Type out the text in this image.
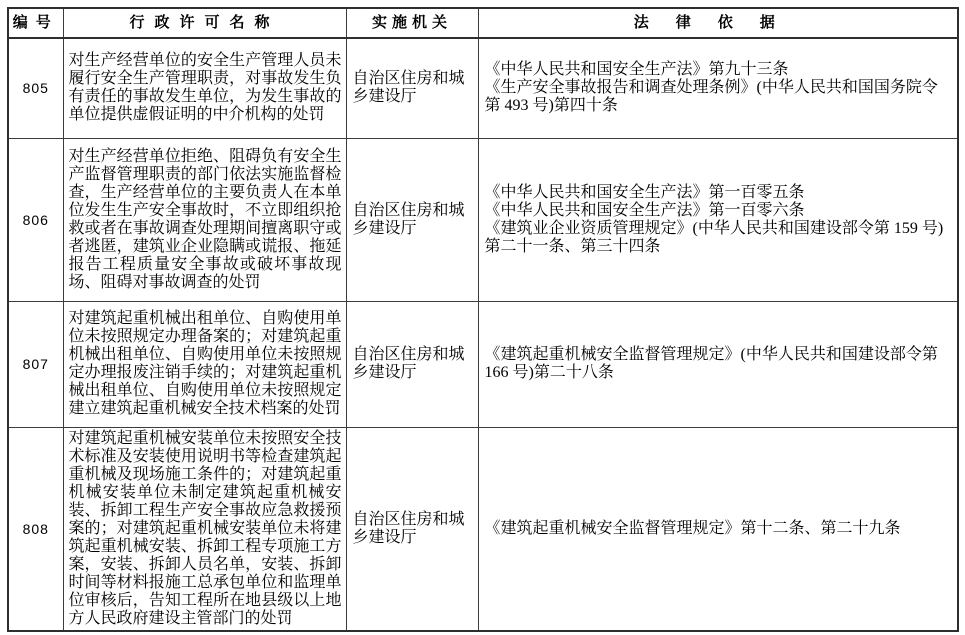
编号	行政许可名称	实施机关	法律依据
805	对生产经营单位的安全生产管理人员未履行安全生产管理职责，对事故发生负有责任的事故发生单位，为发生事故的单位提供虚假证明的中介机构的处罚	自治区住房和城乡建设厅	《中华人民共和国安全生产法》第九十三条
《生产安全事故报告和调查处理条例》(中华人民共和国国务院令第 493 号)第四十条

806	对生产经营单位拒绝、阻碍负有安全生产监督管理职责的部门依法实施监督检查，生产经营单位的主要负责人在本单位发生生产安全事故时，不立即组织抢救或者在事故调查处理期间擅离职守或者逃匿，建筑业企业隐瞒或谎报、拖延报告工程质量安全事故或破坏事故现场、阻碍对事故调查的处罚	自治区住房和城乡建设厅	《中华人民共和国安全生产法》第一百零五条
《中华人民共和国安全生产法》第一百零六条
《建筑业企业资质管理规定》(中华人民共和国建设部令第 159 号)第二十一条、第三十四条

807	对建筑起重机械出租单位、自购使用单位未按照规定办理备案的；对建筑起重机械出租单位、自购使用单位未按照规定办理报废注销手续的；对建筑起重机械出租单位、自购使用单位未按照规定建立建筑起重机械安全技术档案的处罚	自治区住房和城乡建设厅	《建筑起重机械安全监督管理规定》(中华人民共和国建设部令第 166 号)第二十八条

808	对建筑起重机械安装单位未按照安全技术标准及安装使用说明书等检查建筑起重机械及现场施工条件的；对建筑起重机械安装单位未制定建筑起重机械安装、拆卸工程生产安全事故应急救援预案的；对建筑起重机械安装单位未将建筑起重机械安装、拆卸工程专项施工方案，安装、拆卸人员名单，安装、拆卸时间等材料报施工总承包单位和监理单位审核后，告知工程所在地县级以上地方人民政府建设主管部门的处罚	自治区住房和城乡建设厅	《建筑起重机械安全监督管理规定》第十二条、第二十九条
